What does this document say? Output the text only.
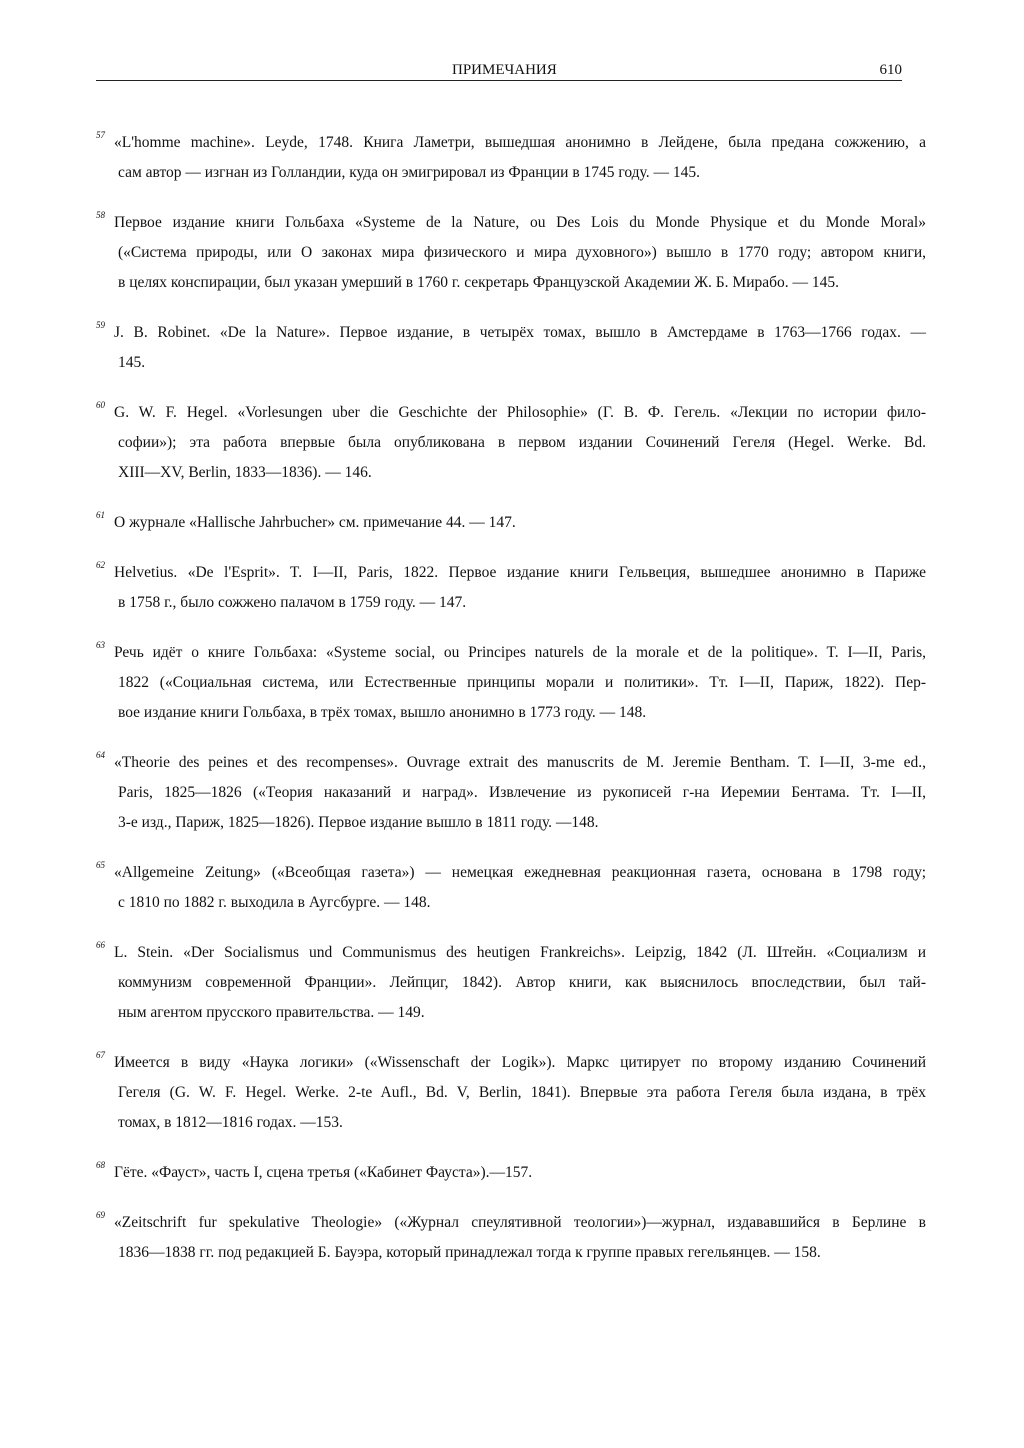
ПРИМЕЧАНИЯ	610
57 «L'homme machine». Leyde, 1748. Книга Ламетри, вышедшая анонимно в Лейдене, была предана сожжению, а
сам автор — изгнан из Голландии, куда он эмигрировал из Франции в 1745 году. — 145.
58 Первое издание книги Гольбаха «Systeme de la Nature, ou Des Lois du Monde Physique et du Monde Moral»
(«Система природы, или О законах мира физического и мира духовного») вышло в 1770 году; автором книги,
в целях конспирации, был указан умерший в 1760 г. секретарь Французской Академии Ж. Б. Мирабо. — 145.
59 J. B. Robinet. «De la Nature». Первое издание, в четырёх томах, вышло в Амстердаме в 1763—1766 годах. —
145.
60 G. W. F. Hegel. «Vorlesungen uber die Geschichte der Philosophie» (Г. В. Ф. Гегель. «Лекции по истории фило-
софии»); эта работа впервые была опубликована в первом издании Сочинений Гегеля (Hegel. Werke. Bd.
XIII—XV, Berlin, 1833—1836). — 146.
61 О журнале «Hallische Jahrbucher» см. примечание 44. — 147.
62 Helvetius. «De l'Esprit». T. I—II, Paris, 1822. Первое издание книги Гельвеция, вышедшее анонимно в Париже
в 1758 г., было сожжено палачом в 1759 году. — 147.
63 Речь идёт о книге Гольбаха: «Systeme social, ou Principes naturels de la morale et de la politique». T. I—II, Paris,
1822 («Социальная система, или Естественные принципы морали и политики». Тт. I—II, Париж, 1822). Пер-
вое издание книги Гольбаха, в трёх томах, вышло анонимно в 1773 году. — 148.
64 «Theorie des peines et des recompenses». Ouvrage extrait des manuscrits de M. Jeremie Bentham. T. I—II, 3-me ed.,
Paris, 1825—1826 («Теория наказаний и наград». Извлечение из рукописей г-на Иеремии Бентама. Тт. I—II,
3-е изд., Париж, 1825—1826). Первое издание вышло в 1811 году. —148.
65 «Allgemeine Zeitung» («Всеобщая газета») — немецкая ежедневная реакционная газета, основана в 1798 году;
с 1810 по 1882 г. выходила в Аугсбурге. — 148.
66 L. Stein. «Der Socialismus und Communismus des heutigen Frankreichs». Leipzig, 1842 (Л. Штейн. «Социализм и
коммунизм современной Франции». Лейпциг, 1842). Автор книги, как выяснилось впоследствии, был тай-
ным агентом прусского правительства. — 149.
67 Имеется в виду «Наука логики» («Wissenschaft der Logik»). Маркс цитирует по второму изданию Сочинений
Гегеля (G. W. F. Hegel. Werke. 2-te Aufl., Bd. V, Berlin, 1841). Впервые эта работа Гегеля была издана, в трёх
томах, в 1812—1816 годах. —153.
68 Гёте. «Фауст», часть I, сцена третья («Кабинет Фауста»).—157.
69 «Zeitschrift fur spekulative Theologie» («Журнал спеулятивной теологии»)—журнал, издававшийся в Берлине в
1836—1838 гг. под редакцией Б. Бауэра, который принадлежал тогда к группе правых гегельянцев. — 158.
